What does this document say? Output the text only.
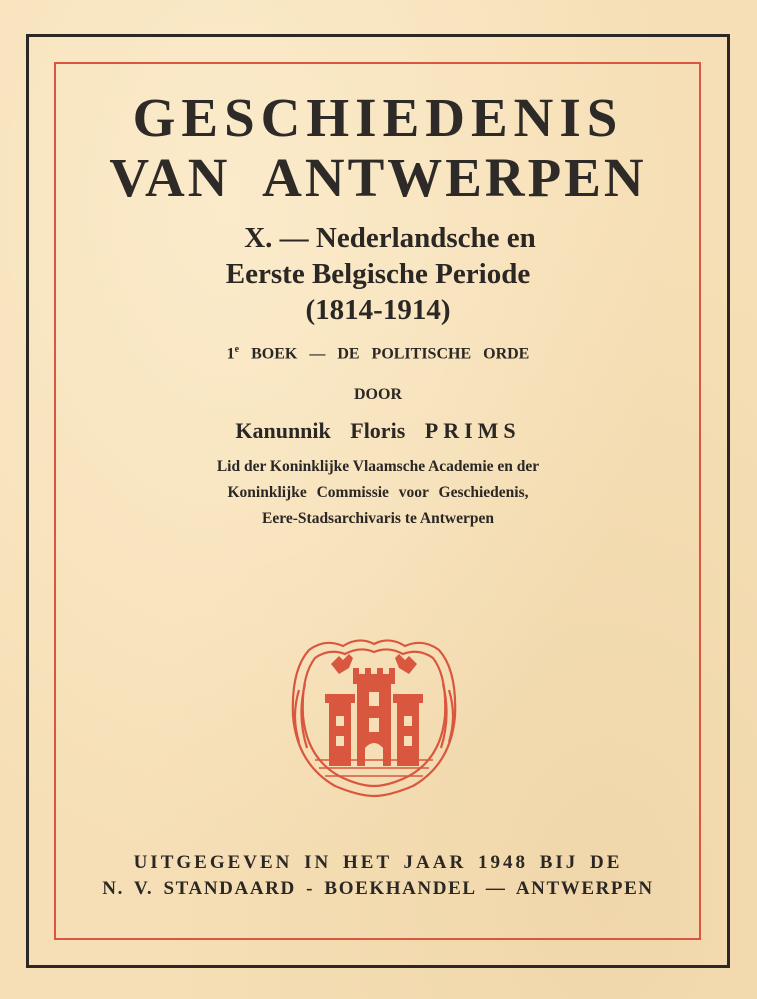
GESCHIEDENIS
VAN ANTWERPEN
X. — Nederlandsche en
Eerste Belgische Periode
(1814-1914)
1e BOEK — DE POLITISCHE ORDE
DOOR
Kanunnik Floris PRIMS
Lid der Koninklijke Vlaamsche Academie en der
Koninklijke Commissie voor Geschiedenis,
Eere-Stadsarchivaris te Antwerpen
UITGEGEVEN IN HET JAAR 1948 BIJ DE
N. V. STANDAARD - BOEKHANDEL — ANTWERPEN
